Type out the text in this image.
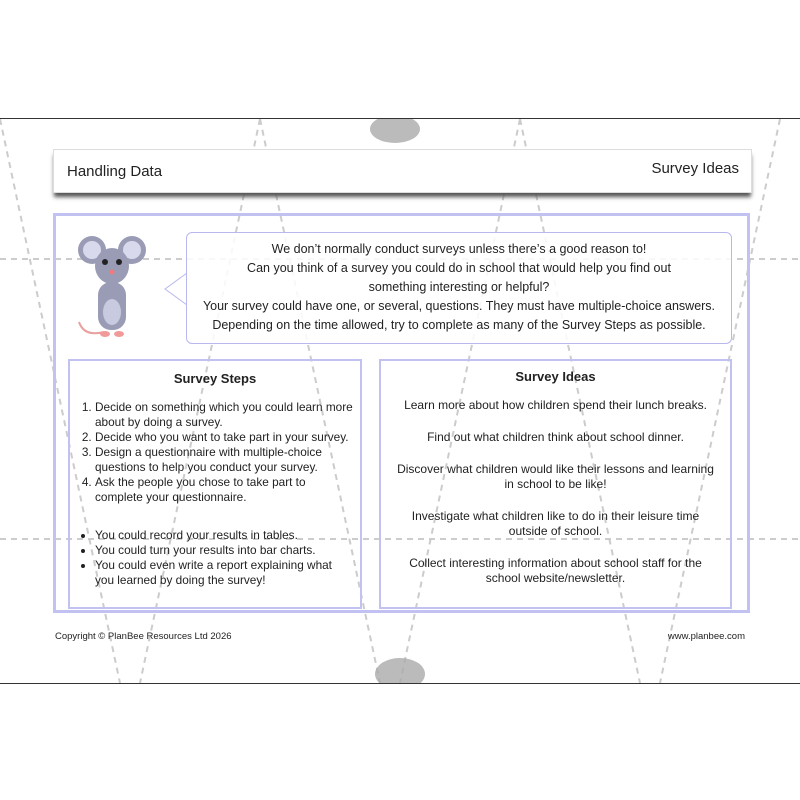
Handling Data	Survey Ideas

We don’t normally conduct surveys unless there’s a good reason to!

Can you think of a survey you could do in school that would help you find out something interesting or helpful?

Your survey could have one, or several, questions. They must have multiple-choice answers.

Depending on the time allowed, try to complete as many of the Survey Steps as possible.

Survey Steps
1. Decide on something which you could learn more about by doing a survey.
2. Decide who you want to take part in your survey.
3. Design a questionnaire with multiple-choice questions to help you conduct your survey.
4. Ask the people you chose to take part to complete your questionnaire.
• You could record your results in tables.
• You could turn your results into bar charts.
• You could even write a report explaining what you learned by doing the survey!
Survey Ideas

Learn more about how children spend their lunch breaks.

Find out what children think about school dinner.

Discover what children would like their lessons and learning in school to be like!

Investigate what children like to do in their leisure time outside of school.

Collect interesting information about school staff for the school website/newsletter.

Copyright © PlanBee Resources Ltd 2026	www.planbee.com
